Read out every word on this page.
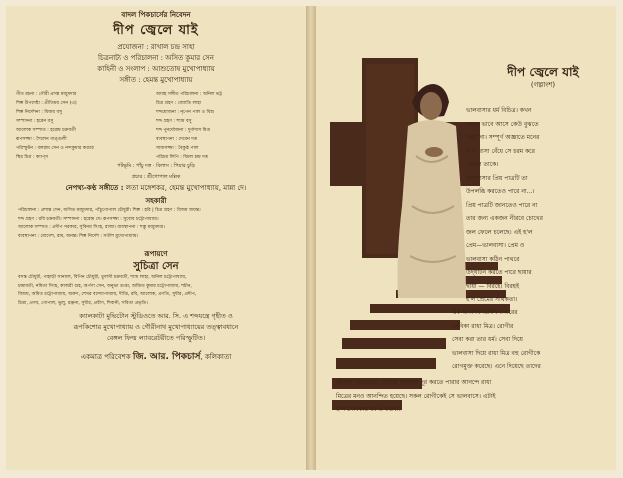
বাদল পিকচার্সের নিবেদন
দীপ জ্বেলে যাই
প্রযোজনা : রাখাল চন্দ্র সাহা
চিত্রনাট্য ও পরিচালনা : অসিত কুমার সেন
কাহিনী ও সংলাপ : আশুতোষ মুখোপাধ্যায়
সঙ্গীত : হেমন্ত মুখোপাধ্যায়
গীত রচনা : গৌরী প্রসন্ন মজুমদার
শিল্প উপদেষ্টা : প্রীতিময় সেন (এ)
শিল্প নির্দেশনা : বিজয় বসু
সম্পাদনা : হরেন বসু
আলোক সম্পাত : হরেন্দ্র চক্রবর্তী
রূপসজ্জা : শৈলেন গাঙ্গুলী
পরিস্ফুটন : বলরাম সেন ও নন্দকুমার কণ্ডার
স্থির চিত্র : ক্যাপ্‌স
আবহ সঙ্গীত পরিচালনা : অনিল ভট্ট
চিত্র গ্রহণ : জ্যোতি লাহা
শব্দযোজনা : নৃপেন পাল ও বিশু
শব্দ গ্রহণ : শ্যাম বসু
শব্দ পুনর্যোজনা : দুর্গাদাস মিত্র
ব্যবস্থাপনা : দেবেন দত্ত
সাজসজ্জা : বৈকুণ্ঠ পাল
পরিচয় লিপি : বিমল চন্দ্র দত্ত
পটভূমি : পাঁচু দত্ত · বিলাস : পিয়ার চুড়ি
প্রচার : শ্রীগোপাল মল্লিক
নেপথ্য-কণ্ঠ সঙ্গীতে : লতা মঙ্গেশকর, হেমন্ত মুখোপাধ্যায়, মান্না দে।
সহকারী
পরিচালনা : প্রশান্ত সেন, অসিত মজুমদার, পাঁচুগোপাল চৌধুরী। শিল্প : হরি | চিত্র গ্রহণ : বিজয় জয়ন্ত।
শব্দ গ্রহণ : রবি চক্রবর্তী। সম্পাদনা : হরেন্দ্র দে। রূপসজ্জা : সুবোধ চট্টোপাধ্যায়।
আলোক সম্পাত : প্রদীপ সরকার, সুবিনয় সিংহ, রাজা। ব্যবস্থাপনা : শম্ভু মজুমদার।
ব্যবস্থাপনা : যোগেশ, রাম, অনন্ত। শিল্প নির্দেশ : সতীশ মুখোপাধ্যায়।
রূপায়ণে
সুচিত্রা সেন
বসন্ত চৌধুরী, পাহাড়ী সান্যাল, বিপিন চৌধুরী, তুলসী চক্রবর্তী, শ্যাম লাহা, অনিল চট্টোপাধ্যায়,
চন্দ্রাবতী, নমিতা সিংহ, কাজরী গুহ, অর্পণা সেন, অনুভা গুপ্তা, অজিত কুমার চট্টোপাধ্যায়, শচীন,
বিজয়, অমিত চট্টোপাধ্যায়, অরুণ, শেখর বন্দ্যোপাধ্যায়, দীপ্তি, রবি, আলোক, প্রণতি, সুধীর, প্রদীপ,
চিত্রা, প্রণব, গোপাল, ভুলু, রঞ্জনা, সুধীর, প্রবীণ, শিবানী, সবিতা প্রভৃতি।
ক্যালকাটা মুভিটোন স্টুডিওতে আর. সি. এ শব্দযন্ত্রে গৃহীত ও
রূপকিশোর মুখোপাধ্যায় ও গৌরীনাথ মুখোপাধ্যায়ের তত্ত্বাবধানে
বেঙ্গল ফিল্ম ল্যাবরেটরীতে পরিস্ফুটিত।
একমাত্র পরিবেশক জি. আর. পিকচার্স, কলিকাতা
দীপ জ্বেলে যাই
(গল্পাংশ)
ভালবাসার ধর্ম বিচিত্র। কখন
কেমন ভাবে আসে কেউ বুঝতে
পারে না। সম্পূর্ণ অজ্ঞাতে মনের
মধ্যে বাসা বেঁধে সে চরম করে
তোলে তাকে।
ভালবাসার প্রিয় পাত্রটি তা
উপলব্ধি করতেও পারে না...।
প্রিয় পাত্রটি জানতেও পারে না
তার জন্য একজন নীরবে চোখের
জল ফেলে চলেছে। এই হ'ল
প্রেম—ভালবাসা। প্রেম ও
ভালবাসা কঠিন পাথরে
উদ্‌ঘাটন করতে পারে ছায়ার
ছায়া — বিরহে। বিরহই
হ'ল প্রেমের সার্থকতা।
এক মানসিক চিকিৎসাগারের
সেবিকা রাধা মিত্র। রোগীর
সেবা করা তার ধর্ম। সেবা দিয়ে
ভালবাসা দিয়ে রাধা মিত্র বহু রোগীকে
রোগমুক্ত করেছে। এনে দিয়েছে তাদের
জীবনে নবপ্রভাত। রোগের অন্ধকার দূর করতে পারার আনন্দে রাধা
মিত্রের মনও আনন্দিত হয়েছে। সকল রোগীকেই সে ভালবাসে। এটাই
হ'ল সেবিকার ধর্ম ও কর্তব্য।
